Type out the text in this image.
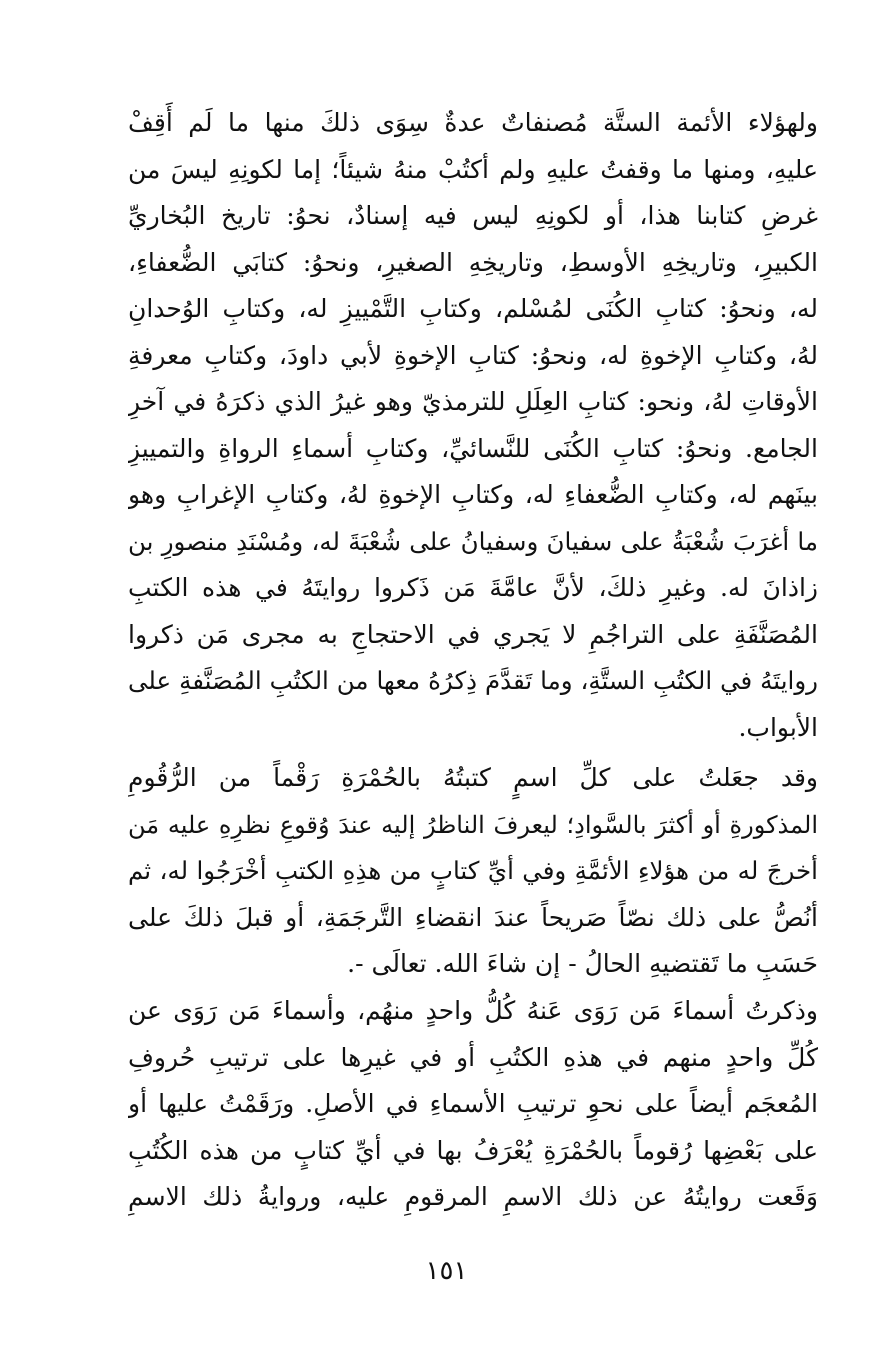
ولهؤلاء الأئمة الستَّة مُصنفاتٌ عدةٌ سِوَى ذلكَ منها ما لَم أَقِفْ
عليهِ، ومنها ما وقفتُ عليهِ ولم أكتُبْ منهُ شيئاً؛ إما لكونِهِ ليسَ من
غرضِ كتابنا هذا، أو لكونِهِ ليس فيه إسنادٌ، نحوُ: تاريخ البُخاريِّ
الكبيرِ، وتاريخِهِ الأوسطِ، وتاريخِهِ الصغيرِ، ونحوُ: كتابَي الضُّعفاءِ،
له، ونحوُ: كتابِ الكُنَى لمُسْلم، وكتابِ التَّمْييزِ له، وكتابِ الوُحدانِ
لهُ، وكتابِ الإخوةِ له، ونحوُ: كتابِ الإخوةِ لأبي داودَ، وكتابِ معرفةِ
الأوقاتِ لهُ، ونحو: كتابِ العِلَلِ للترمذيّ وهو غيرُ الذي ذكرَهُ في آخرِ
الجامع. ونحوُ: كتابِ الكُنَى للنَّسائيِّ، وكتابِ أسماءِ الرواةِ والتمييزِ
بينَهم له، وكتابِ الضُّعفاءِ له، وكتابِ الإخوةِ لهُ، وكتابِ الإغرابِ وهو
ما أغرَبَ شُعْبَةُ على سفيانَ وسفيانُ على شُعْبَةَ له، ومُسْنَدِ منصورِ بن
زاذانَ له. وغيرِ ذلكَ، لأنَّ عامَّةَ مَن ذَكروا روايتَهُ في هذه الكتبِ
المُصَنَّفَةِ على التراجُمِ لا يَجري في الاحتجاجِ به مجرى مَن ذكروا
روايتَهُ في الكتُبِ الستَّةِ، وما تَقدَّمَ ذِكرُهُ معها من الكتُبِ المُصَنَّفةِ على
الأبواب.
وقد جعَلتُ على كلِّ اسمٍ كتبتُهُ بالحُمْرَةِ رَقْماً من الرُّقُومِ
المذكورةِ أو أكثرَ بالسَّوادِ؛ ليعرفَ الناظرُ إليه عندَ وُقوعِ نظرِهِ عليه مَن
أخرجَ له من هؤلاءِ الأئمَّةِ وفي أيِّ كتابٍ من هذِهِ الكتبِ أخْرَجُوا له، ثم
أنُصُّ على ذلك نصّاً صَريحاً عندَ انقضاءِ التَّرجَمَةِ، أو قبلَ ذلكَ على
حَسَبِ ما تَقتضيهِ الحالُ - إن شاءَ الله. تعالَى -.
وذكرتُ أسماءَ مَن رَوَى عَنهُ كُلُّ واحدٍ منهُم، وأسماءَ مَن رَوَى عن
كُلِّ واحدٍ منهم في هذهِ الكتُبِ أو في غيرِها على ترتيبِ حُروفِ
المُعجَم أيضاً على نحوِ ترتيبِ الأسماءِ في الأصلِ. ورَقَمْتُ عليها أو
على بَعْضِها رُقوماً بالحُمْرَةِ يُعْرَفُ بها في أيِّ كتابٍ من هذه الكُتُبِ
وَقَعت روايتُهُ عن ذلك الاسمِ المرقومِ عليه، وروايةُ ذلك الاسمِ
١٥١
